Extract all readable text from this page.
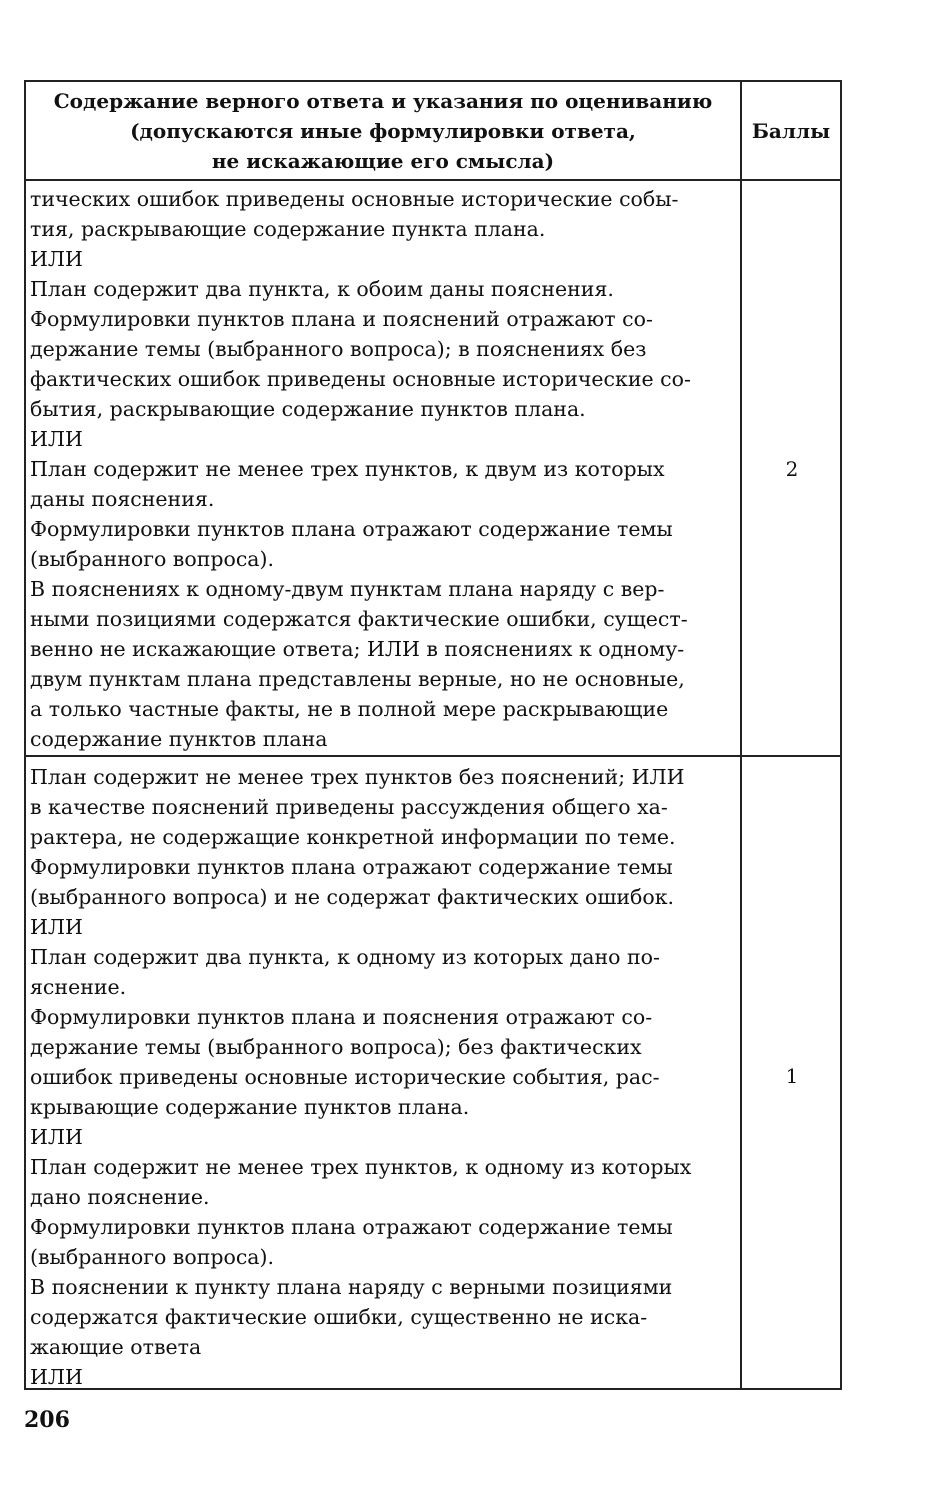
Содержание верного ответа и указания по оцениванию
(допускаются иные формулировки ответа,
не искажающие его смысла)
Баллы
тических ошибок приведены основные исторические собы-
тия, раскрывающие содержание пункта плана.
ИЛИ
План содержит два пункта, к обоим даны пояснения.
Формулировки пунктов плана и пояснений отражают со-
держание темы (выбранного вопроса); в пояснениях без
фактических ошибок приведены основные исторические со-
бытия, раскрывающие содержание пунктов плана.
ИЛИ
План содержит не менее трех пунктов, к двум из которых
даны пояснения.
Формулировки пунктов плана отражают содержание темы
(выбранного вопроса).
В пояснениях к одному-двум пунктам плана наряду с вер-
ными позициями содержатся фактические ошибки, сущест-
венно не искажающие ответа; ИЛИ в пояснениях к одному-
двум пунктам плана представлены верные, но не основные,
а только частные факты, не в полной мере раскрывающие
содержание пунктов плана
2
План содержит не менее трех пунктов без пояснений; ИЛИ
в качестве пояснений приведены рассуждения общего ха-
рактера, не содержащие конкретной информации по теме.
Формулировки пунктов плана отражают содержание темы
(выбранного вопроса) и не содержат фактических ошибок.
ИЛИ
План содержит два пункта, к одному из которых дано по-
яснение.
Формулировки пунктов плана и пояснения отражают со-
держание темы (выбранного вопроса); без фактических
ошибок приведены основные исторические события, рас-
крывающие содержание пунктов плана.
ИЛИ
План содержит не менее трех пунктов, к одному из которых
дано пояснение.
Формулировки пунктов плана отражают содержание темы
(выбранного вопроса).
В пояснении к пункту плана наряду с верными позициями
содержатся фактические ошибки, существенно не иска-
жающие ответа
ИЛИ
1
206
